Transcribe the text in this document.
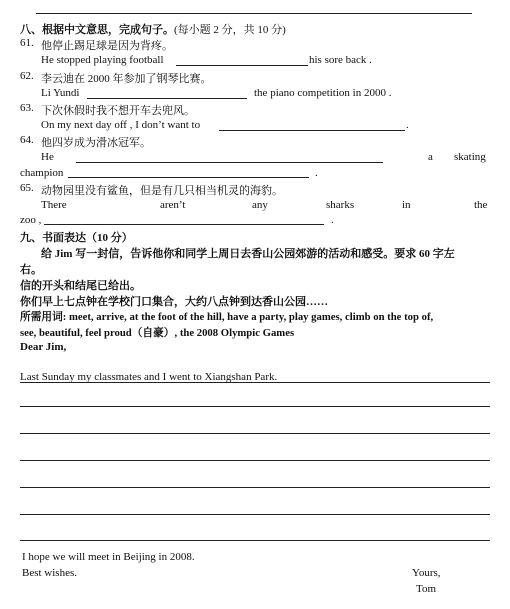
八、根据中文意思，完成句子。(每小题 2 分，共 10 分)
61. 他停止踢足球是因为背疼。
He stopped playing football	his sore back .
62. 李云迪在 2000 年参加了钢琴比赛。
Li Yundi	the piano competition in 2000 .
63. 下次休假时我不想开车去兜风。
On my next day off , I don’t want to	.
64. 他四岁成为滑冰冠军。
He	a skating
champion	.
65. 动物园里没有鲨鱼，但是有几只相当机灵的海豹。
There	aren’t	any	sharks	in	the
zoo ,	.
九、书面表达（10 分）
给 Jim 写一封信，告诉他你和同学上周日去香山公园郊游的活动和感受。要求 60 字左
右。
信的开头和结尾已给出。
你们早上七点钟在学校门口集合，大约八点钟到达香山公园……
所需用词: meet, arrive, at the foot of the hill, have a party, play games, climb on the top of,
see, beautiful, feel proud（自豪）, the 2008 Olympic Games
Dear Jim,
Last Sunday my classmates and I went to Xiangshan Park.
I hope we will meet in Beijing in 2008.
Best wishes.	Yours,
Tom
